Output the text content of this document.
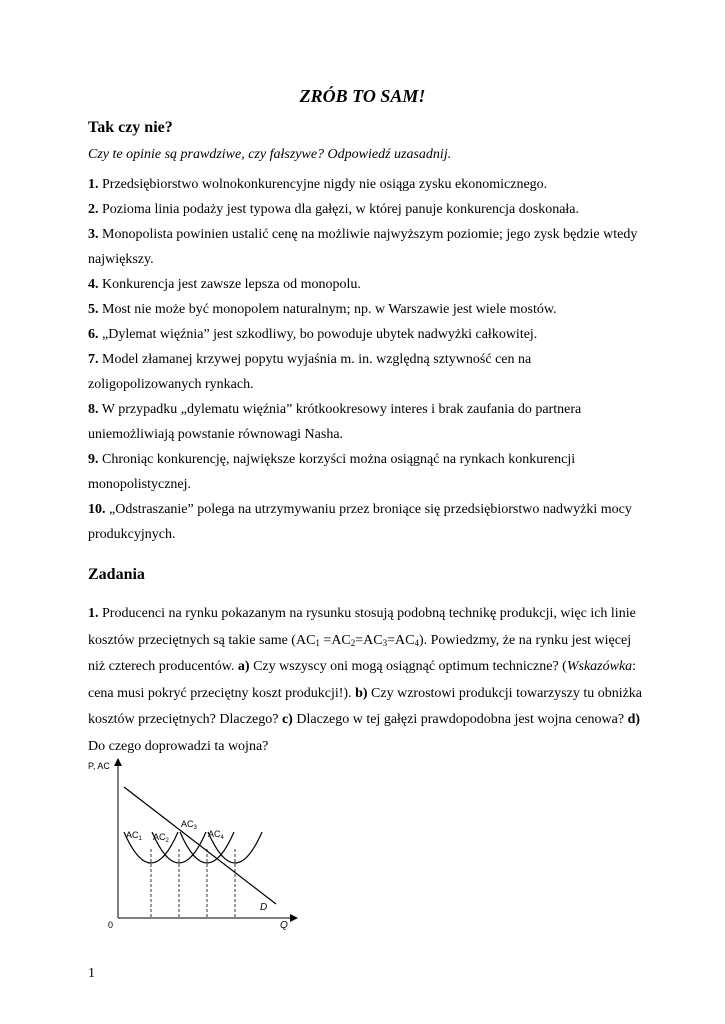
ZRÓB TO SAM!
Tak czy nie?
Czy te opinie są prawdziwe, czy fałszywe? Odpowiedź uzasadnij.
1. Przedsiębiorstwo wolnokonkurencyjne nigdy nie osiąga zysku ekonomicznego.
2. Pozioma linia podaży jest typowa dla gałęzi, w której panuje konkurencja doskonała.
3. Monopolista powinien ustalić cenę na możliwie najwyższym poziomie; jego zysk będzie wtedy największy.
4. Konkurencja jest zawsze lepsza od monopolu.
5. Most nie może być monopolem naturalnym; np. w Warszawie jest wiele mostów.
6. „Dylemat więźnia” jest szkodliwy, bo powoduje ubytek nadwyżki całkowitej.
7. Model złamanej krzywej popytu wyjaśnia m. in. względną sztywność cen na zoligopolizowanych rynkach.
8. W przypadku „dylematu więźnia” krótkookresowy interes i brak zaufania do partnera uniemożliwiają powstanie równowagi Nasha.
9. Chroniąc konkurencję, największe korzyści można osiągnąć na rynkach konkurencji monopolistycznej.
10. „Odstraszanie” polega na utrzymywaniu przez broniące się przedsiębiorstwo nadwyżki mocy produkcyjnych.
Zadania
1. Producenci na rynku pokazanym na rysunku stosują podobną technikę produkcji, więc ich linie kosztów przeciętnych są takie same $(AC_1 =AC_2=AC_3=AC_4)$. Powiedzmy, że na rynku jest więcej niż czterech producentów. a) Czy wszyscy oni mogą osiągnąć optimum techniczne? (Wskazówka: cena musi pokryć przeciętny koszt produkcji!). b) Czy wzrostowi produkcji towarzyszy tu obniżka kosztów przeciętnych? Dlaczego? c) Dlaczego w tej gałęzi prawdopodobna jest wojna cenowa? d) Do czego doprowadzi ta wojna?
P, AC
Q
0
D
$AC_1$ $AC_2$
$AC_3$
$AC_4$
1
